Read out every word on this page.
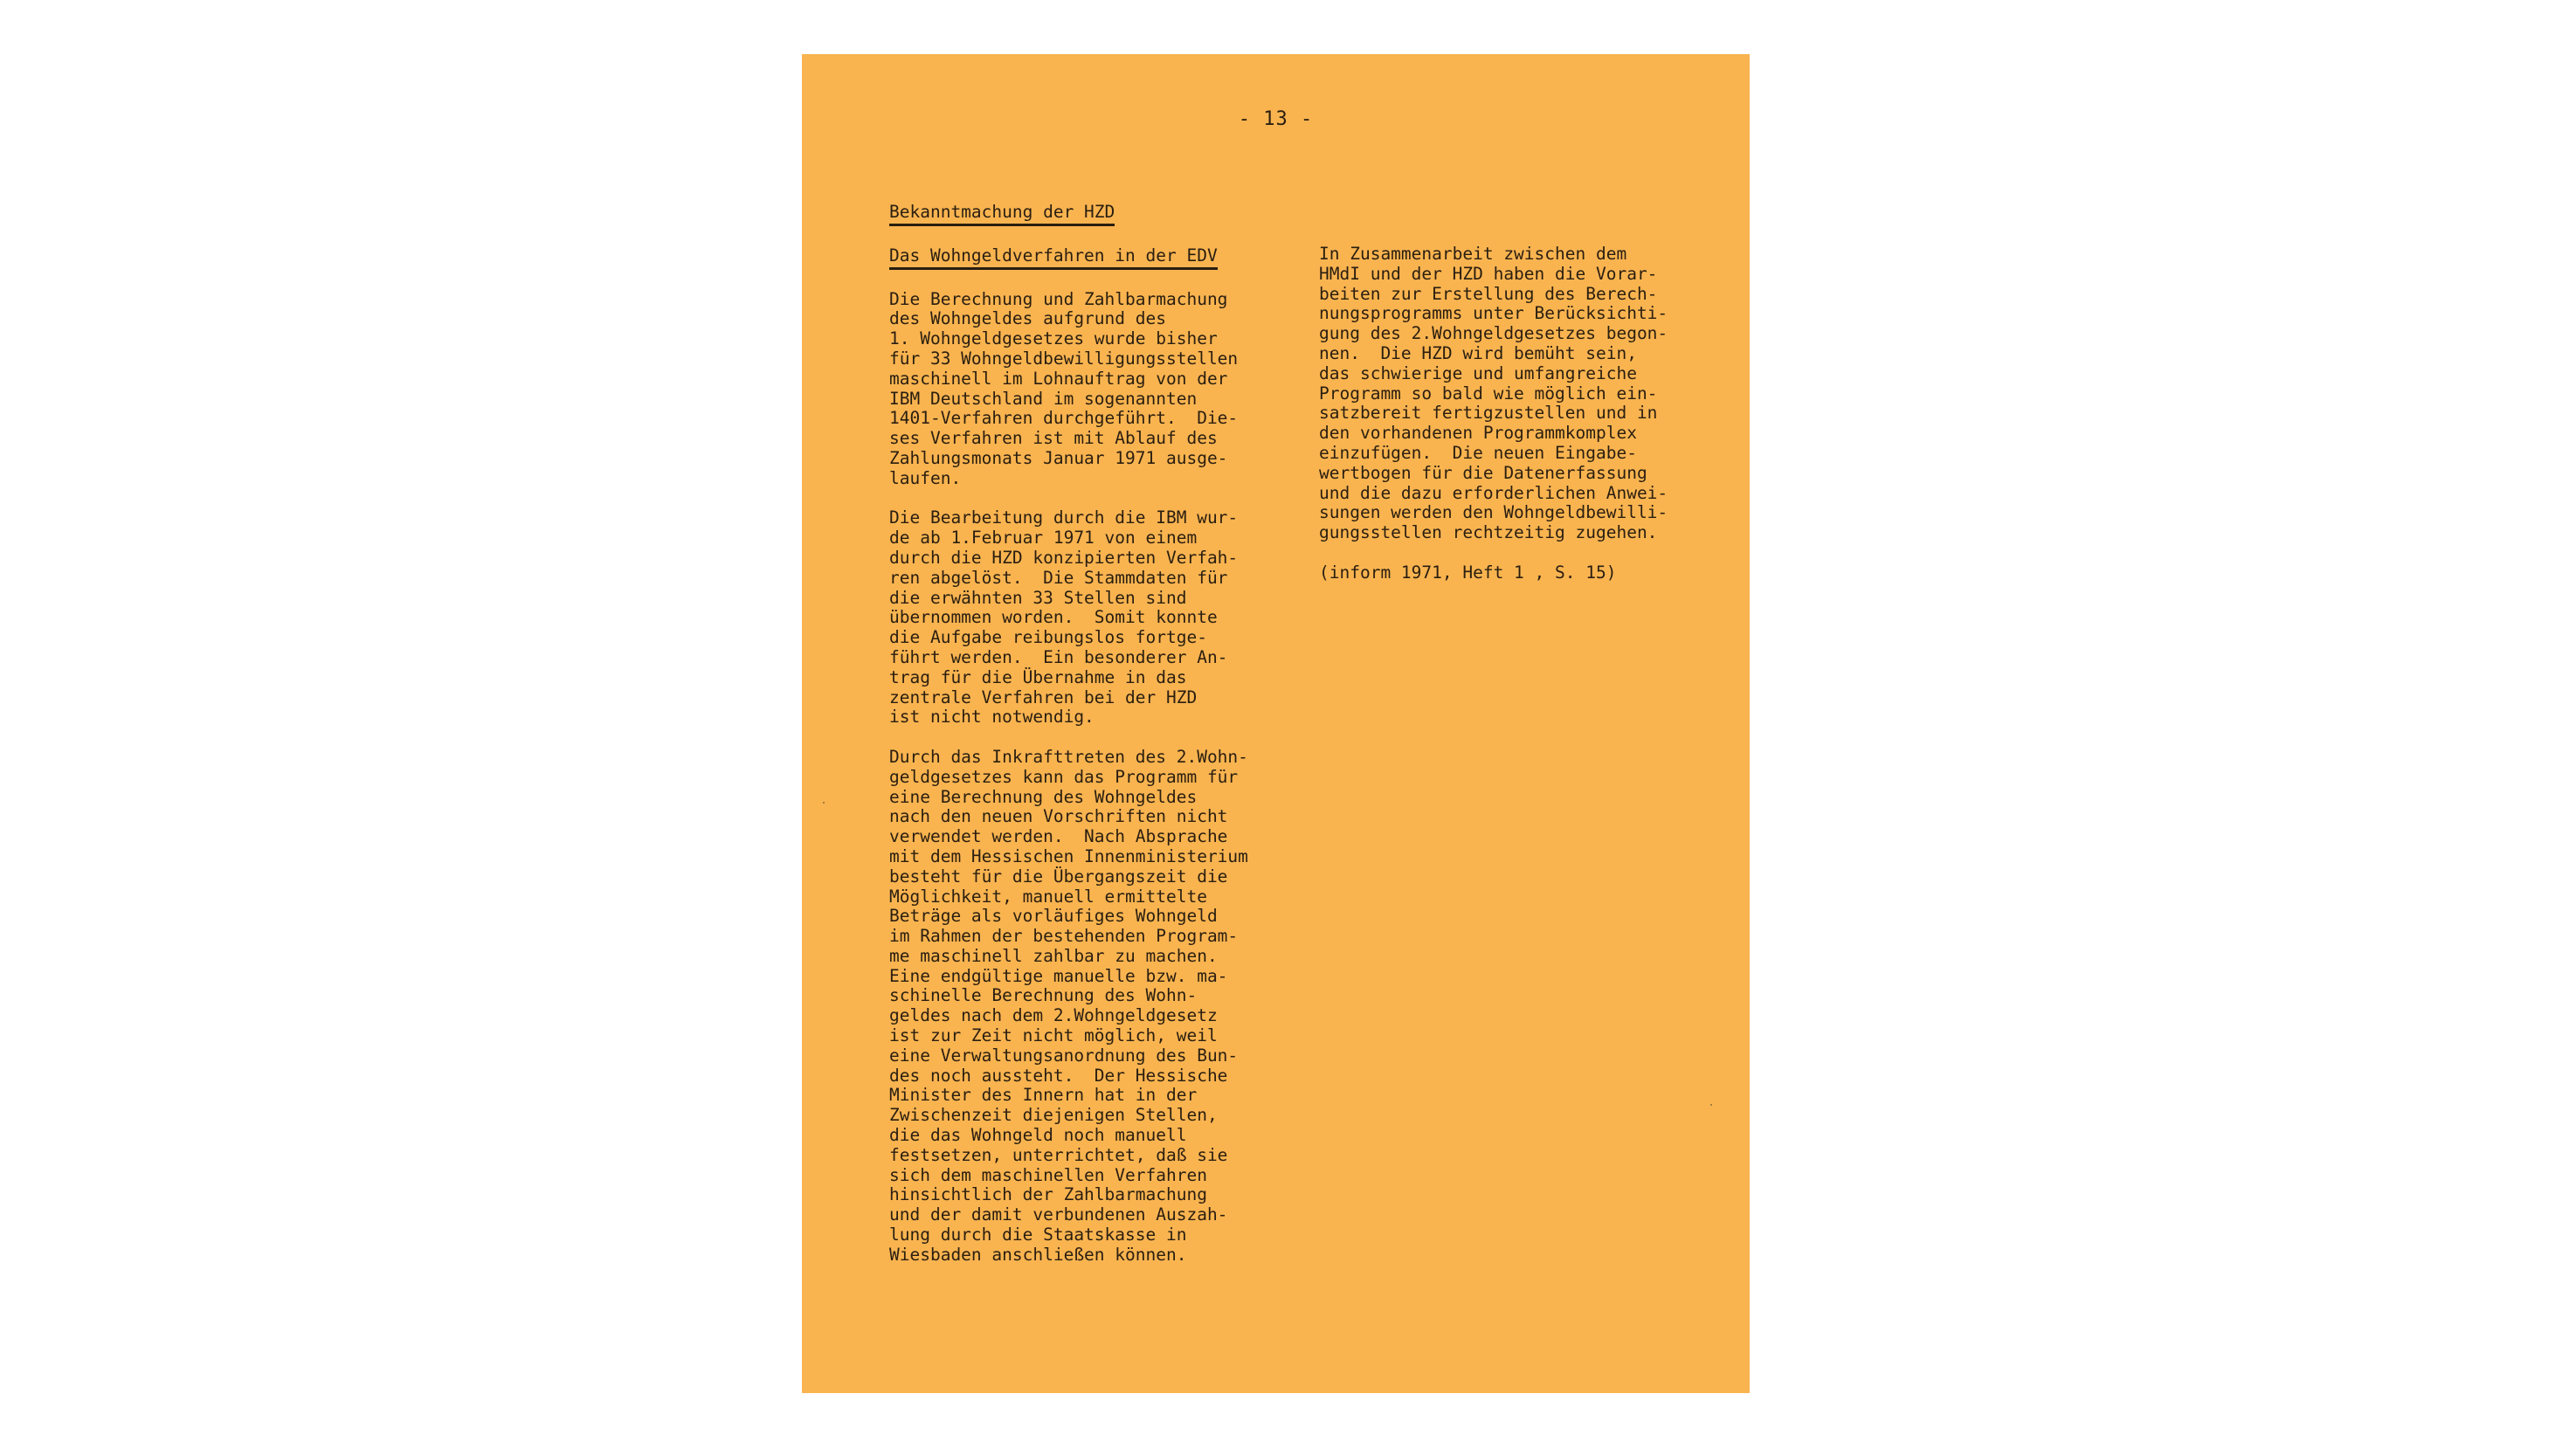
- 13 -
Bekanntmachung der HZD
Das Wohngeldverfahren in der EDV

Die Berechnung und Zahlbarmachung
des Wohngeldes aufgrund des
1. Wohngeldgesetzes wurde bisher
für 33 Wohngeldbewilligungsstellen
maschinell im Lohnauftrag von der
IBM Deutschland im sogenannten
1401-Verfahren durchgeführt.  Die-
ses Verfahren ist mit Ablauf des
Zahlungsmonats Januar 1971 ausge-
laufen.

Die Bearbeitung durch die IBM wur-
de ab 1.Februar 1971 von einem
durch die HZD konzipierten Verfah-
ren abgelöst.  Die Stammdaten für
die erwähnten 33 Stellen sind
übernommen worden.  Somit konnte
die Aufgabe reibungslos fortge-
führt werden.  Ein besonderer An-
trag für die Übernahme in das
zentrale Verfahren bei der HZD
ist nicht notwendig.

Durch das Inkrafttreten des 2.Wohn-
geldgesetzes kann das Programm für
eine Berechnung des Wohngeldes
nach den neuen Vorschriften nicht
verwendet werden.  Nach Absprache
mit dem Hessischen Innenministerium
besteht für die Übergangszeit die
Möglichkeit, manuell ermittelte
Beträge als vorläufiges Wohngeld
im Rahmen der bestehenden Program-
me maschinell zahlbar zu machen.
Eine endgültige manuelle bzw. ma-
schinelle Berechnung des Wohn-
geldes nach dem 2.Wohngeldgesetz
ist zur Zeit nicht möglich, weil
eine Verwaltungsanordnung des Bun-
des noch aussteht.  Der Hessische
Minister des Innern hat in der
Zwischenzeit diejenigen Stellen,
die das Wohngeld noch manuell
festsetzen, unterrichtet, daß sie
sich dem maschinellen Verfahren
hinsichtlich der Zahlbarmachung
und der damit verbundenen Auszah-
lung durch die Staatskasse in
Wiesbaden anschließen können.

In Zusammenarbeit zwischen dem
HMdI und der HZD haben die Vorar-
beiten zur Erstellung des Berech-
nungsprogramms unter Berücksichti-
gung des 2.Wohngeldgesetzes begon-
nen.  Die HZD wird bemüht sein,
das schwierige und umfangreiche
Programm so bald wie möglich ein-
satzbereit fertigzustellen und in
den vorhandenen Programmkomplex
einzufügen.  Die neuen Eingabe-
wertbogen für die Datenerfassung
und die dazu erforderlichen Anwei-
sungen werden den Wohngeldbewilli-
gungsstellen rechtzeitig zugehen.

(inform 1971, Heft 1 , S. 15)
